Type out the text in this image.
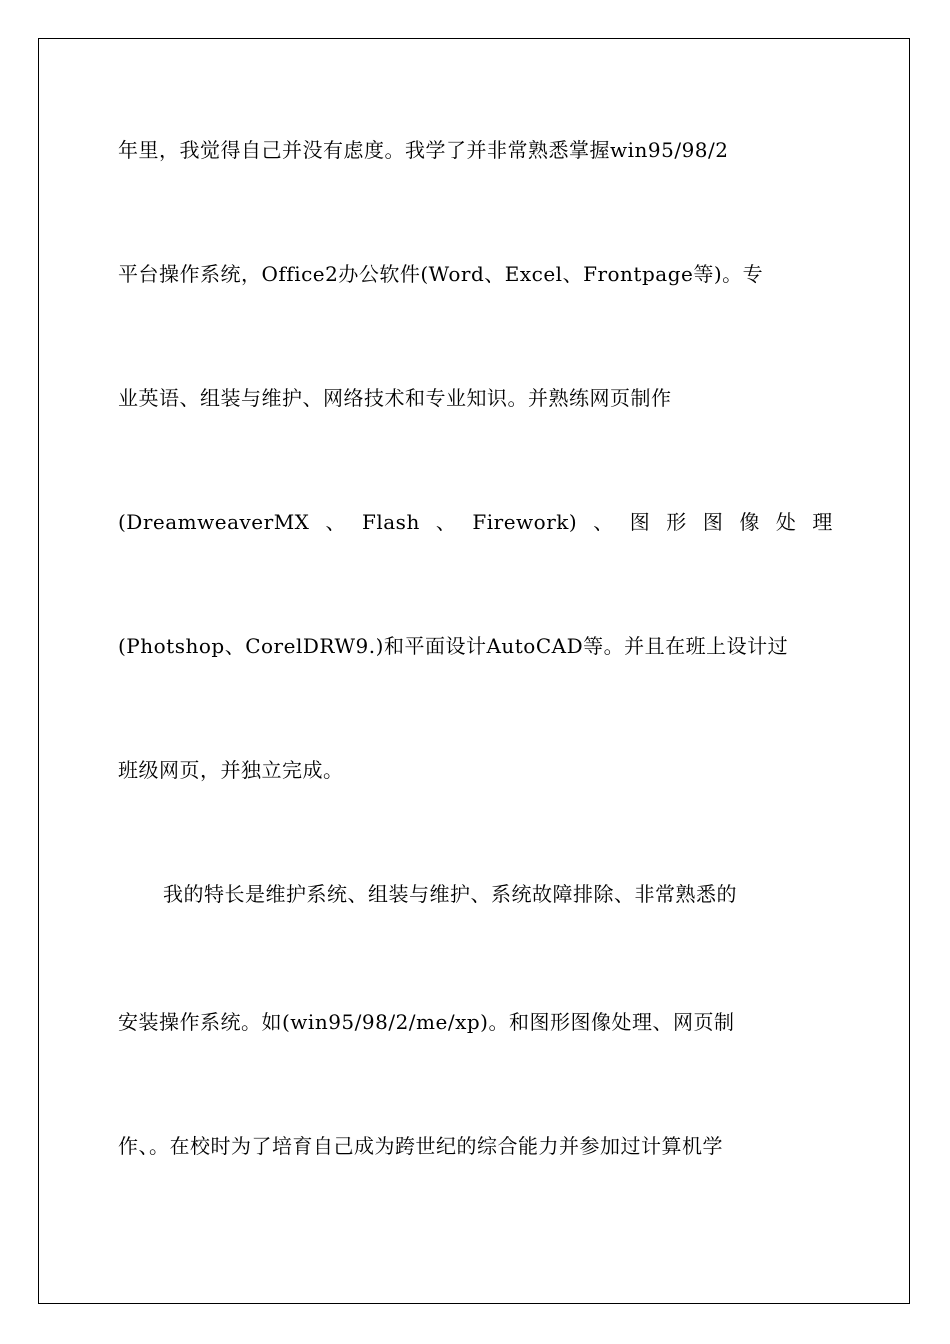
年里，我觉得自己并没有虑度。我学了并非常熟悉掌握win95/98/2
平台操作系统，Office2办公软件(Word、Excel、Frontpage等)。专
业英语、组装与维护、网络技术和专业知识。并熟练网页制作
(DreamweaverMX 、 Flash 、 Firework) 、 图 形 图 像 处 理
(Photshop、CorelDRW9.)和平面设计AutoCAD等。并且在班上设计过
班级网页，并独立完成。
我的特长是维护系统、组装与维护、系统故障排除、非常熟悉的
安装操作系统。如(win95/98/2/me/xp)。和图形图像处理、网页制
作、。在校时为了培育自己成为跨世纪的综合能力并参加过计算机学
